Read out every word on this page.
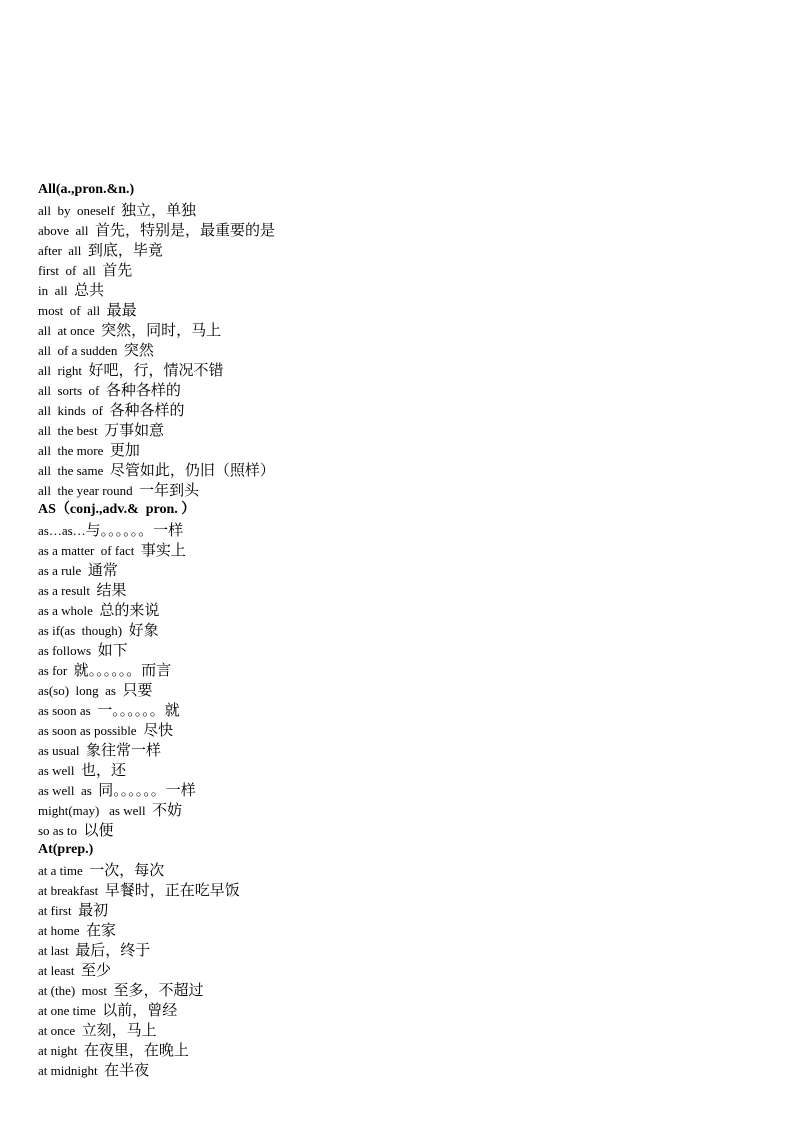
All(a.,pron.&n.)
all  by  oneself  独立，单独
above  all  首先，特别是，最重要的是
after  all  到底，毕竟
first  of  all  首先
in  all  总共
most  of  all  最最
all  at once  突然，同时，马上
all  of a sudden  突然
all  right  好吧，行，情况不错
all  sorts  of  各种各样的
all  kinds  of  各种各样的
all  the best  万事如意
all  the more  更加
all  the same  尽管如此，仍旧（照样）
all  the year round  一年到头
AS（conj.,adv.&  pron. ）
as…as…与。。。。。。一样
as a matter  of fact  事实上
as a rule  通常
as a result  结果
as a whole  总的来说
as if(as  though)  好象
as follows  如下
as for  就。。。。。。而言
as(so)  long  as  只要
as soon as  一。。。。。。就
as soon as possible  尽快
as usual  象往常一样
as well  也，还
as well  as  同。。。。。。一样
might(may)   as well  不妨
so as to  以便
At(prep.)
at a time  一次，每次
at breakfast  早餐时，正在吃早饭
at first  最初
at home  在家
at last  最后，终于
at least  至少
at (the)  most  至多，不超过
at one time  以前，曾经
at once  立刻，马上
at night  在夜里，在晚上
at midnight  在半夜
